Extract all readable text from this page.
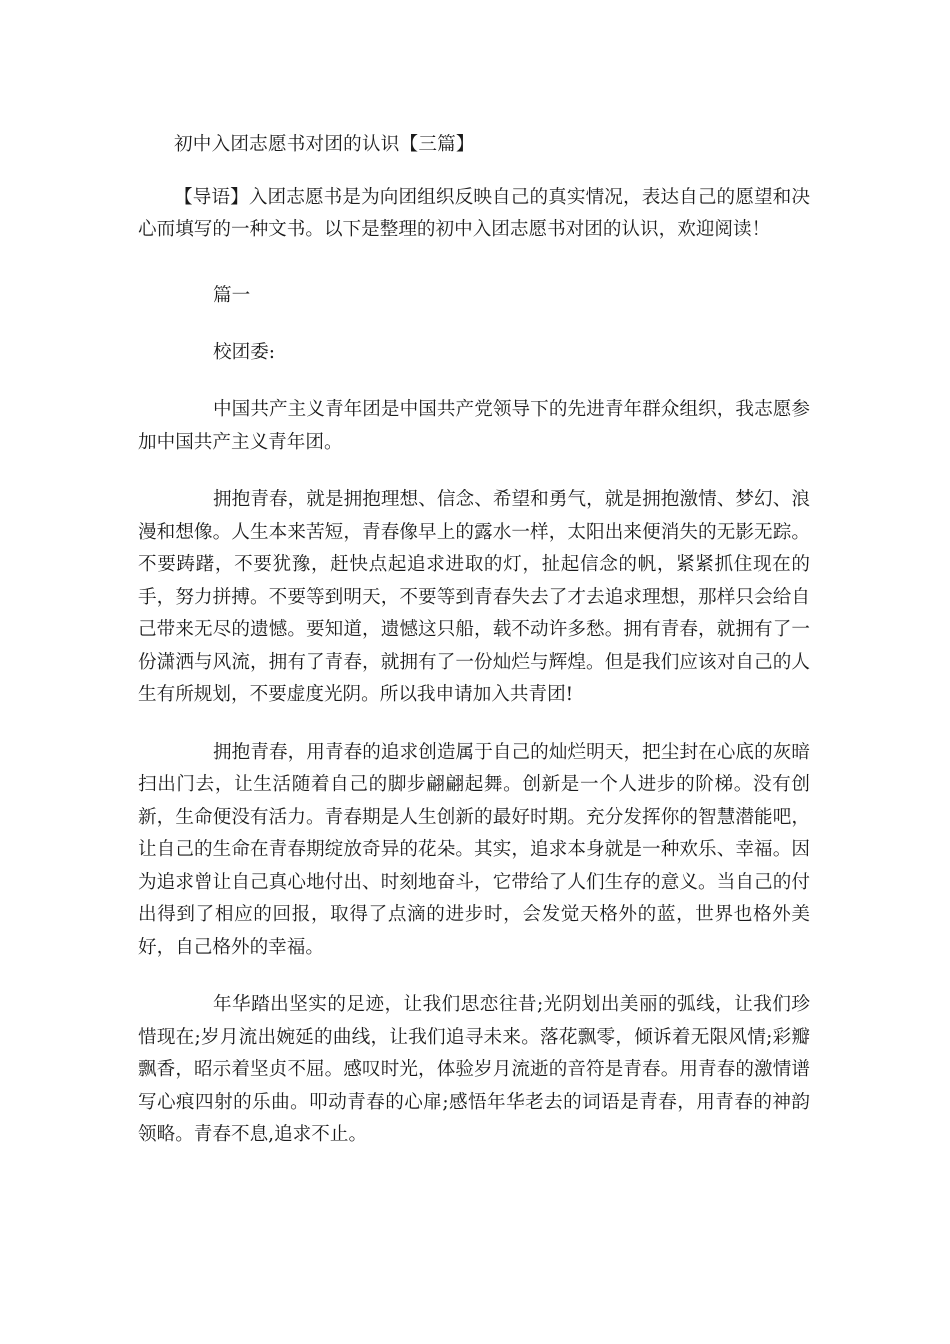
初中入团志愿书对团的认识【三篇】

【导语】入团志愿书是为向团组织反映自己的真实情况，表达自己的愿望和决心而填写的一种文书。以下是整理的初中入团志愿书对团的认识，欢迎阅读！

篇一

校团委:

中国共产主义青年团是中国共产党领导下的先进青年群众组织，我志愿参加中国共产主义青年团。

拥抱青春，就是拥抱理想、信念、希望和勇气，就是拥抱激情、梦幻、浪漫和想像。人生本来苦短，青春像早上的露水一样，太阳出来便消失的无影无踪。不要踌躇，不要犹豫，赶快点起追求进取的灯，扯起信念的帆，紧紧抓住现在的手，努力拼搏。不要等到明天，不要等到青春失去了才去追求理想，那样只会给自己带来无尽的遗憾。要知道，遗憾这只船，载不动许多愁。拥有青春，就拥有了一份潇洒与风流，拥有了青春，就拥有了一份灿烂与辉煌。但是我们应该对自己的人生有所规划，不要虚度光阴。所以我申请加入共青团!

拥抱青春，用青春的追求创造属于自己的灿烂明天，把尘封在心底的灰暗扫出门去，让生活随着自己的脚步翩翩起舞。创新是一个人进步的阶梯。没有创新，生命便没有活力。青春期是人生创新的最好时期。充分发挥你的智慧潜能吧，让自己的生命在青春期绽放奇异的花朵。其实，追求本身就是一种欢乐、幸福。因为追求曾让自己真心地付出、时刻地奋斗，它带给了人们生存的意义。当自己的付出得到了相应的回报，取得了点滴的进步时，会发觉天格外的蓝，世界也格外美好，自己格外的幸福。

年华踏出坚实的足迹，让我们思恋往昔;光阴划出美丽的弧线，让我们珍惜现在;岁月流出婉延的曲线，让我们追寻未来。落花飘零，倾诉着无限风情;彩瓣飘香，昭示着坚贞不屈。感叹时光，体验岁月流逝的音符是青春。用青春的激情谱写心痕四射的乐曲。叩动青春的心扉;感悟年华老去的词语是青春，用青春的神韵领略。青春不息,追求不止。
